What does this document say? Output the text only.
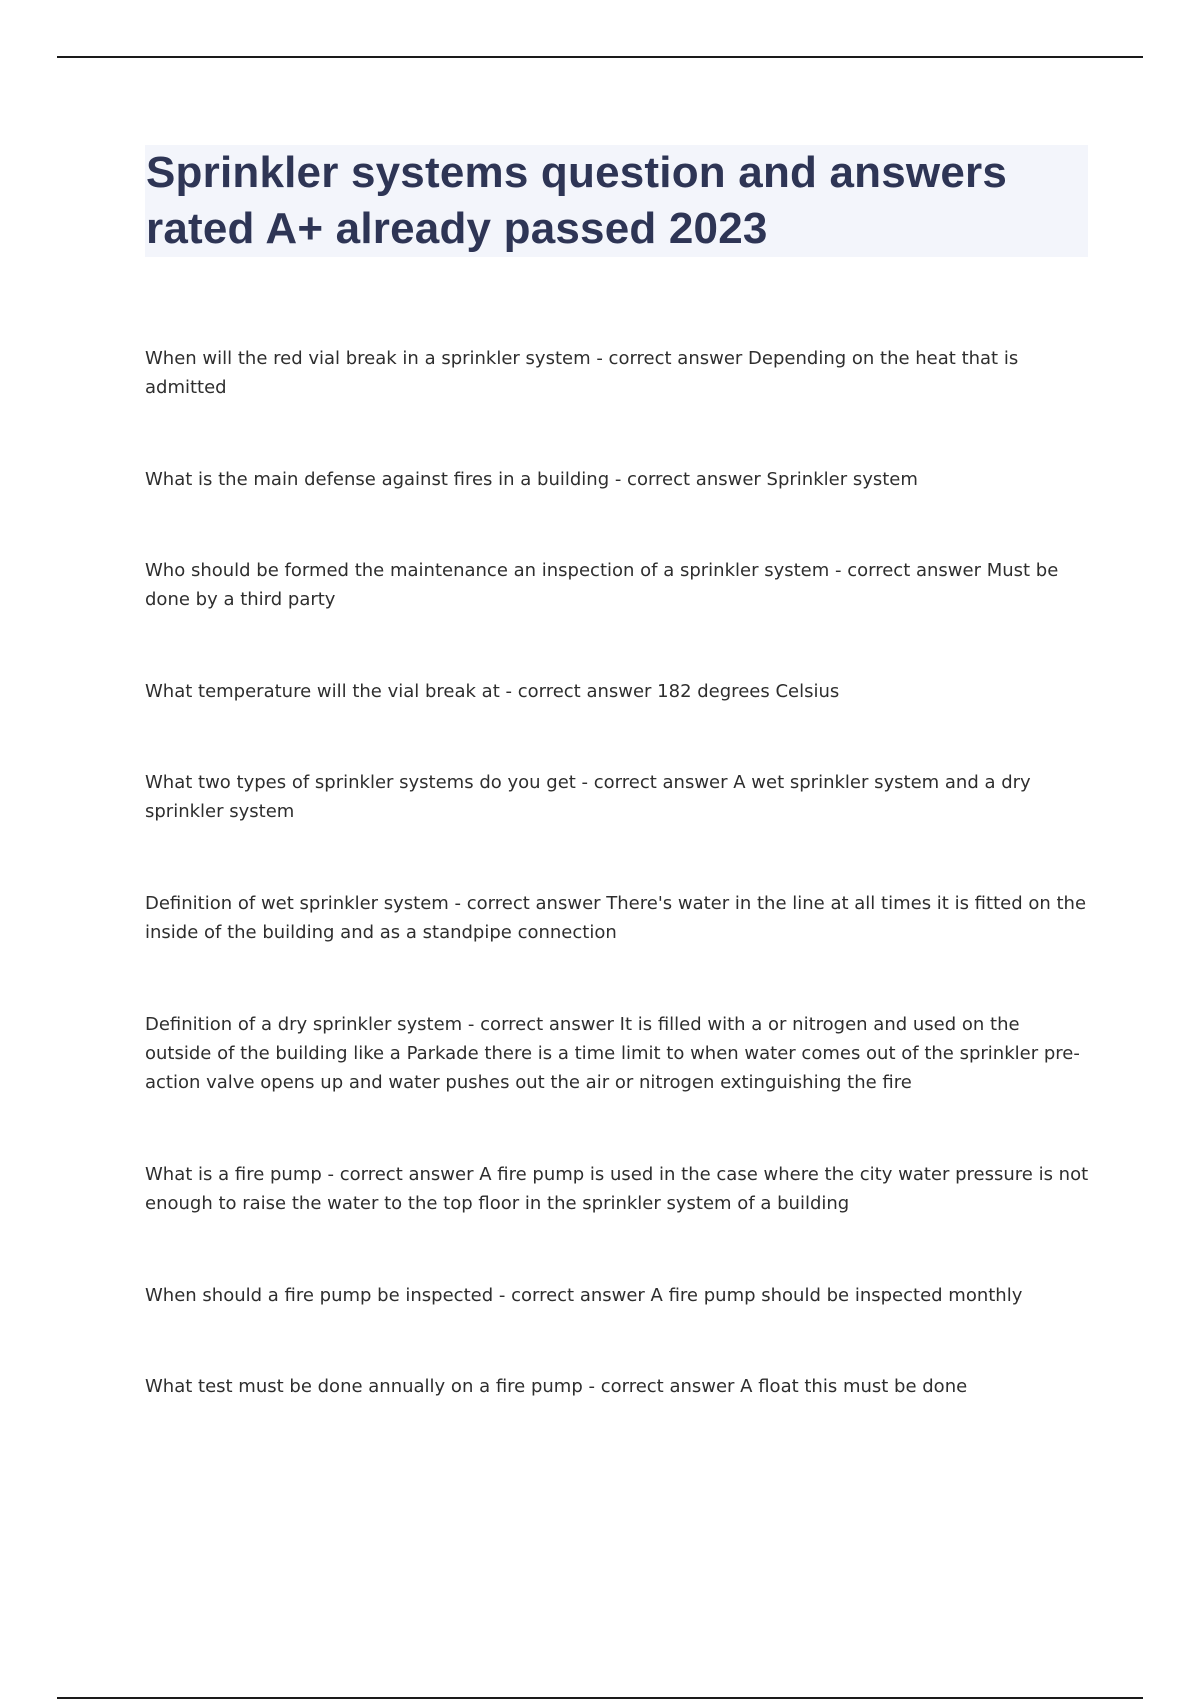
Sprinkler systems question and answers
rated A+ already passed 2023

When will the red vial break in a sprinkler system - correct answer Depending on the heat that is admitted

What is the main defense against fires in a building - correct answer Sprinkler system

Who should be formed the maintenance an inspection of a sprinkler system - correct answer Must be done by a third party

What temperature will the vial break at - correct answer 182 degrees Celsius

What two types of sprinkler systems do you get - correct answer A wet sprinkler system and a dry sprinkler system

Definition of wet sprinkler system - correct answer There's water in the line at all times it is fitted on the inside of the building and as a standpipe connection

Definition of a dry sprinkler system - correct answer It is filled with a or nitrogen and used on the outside of the building like a Parkade there is a time limit to when water comes out of the sprinkler pre-action valve opens up and water pushes out the air or nitrogen extinguishing the fire

What is a fire pump - correct answer A fire pump is used in the case where the city water pressure is not enough to raise the water to the top floor in the sprinkler system of a building

When should a fire pump be inspected - correct answer A fire pump should be inspected monthly

What test must be done annually on a fire pump - correct answer A float this must be done
